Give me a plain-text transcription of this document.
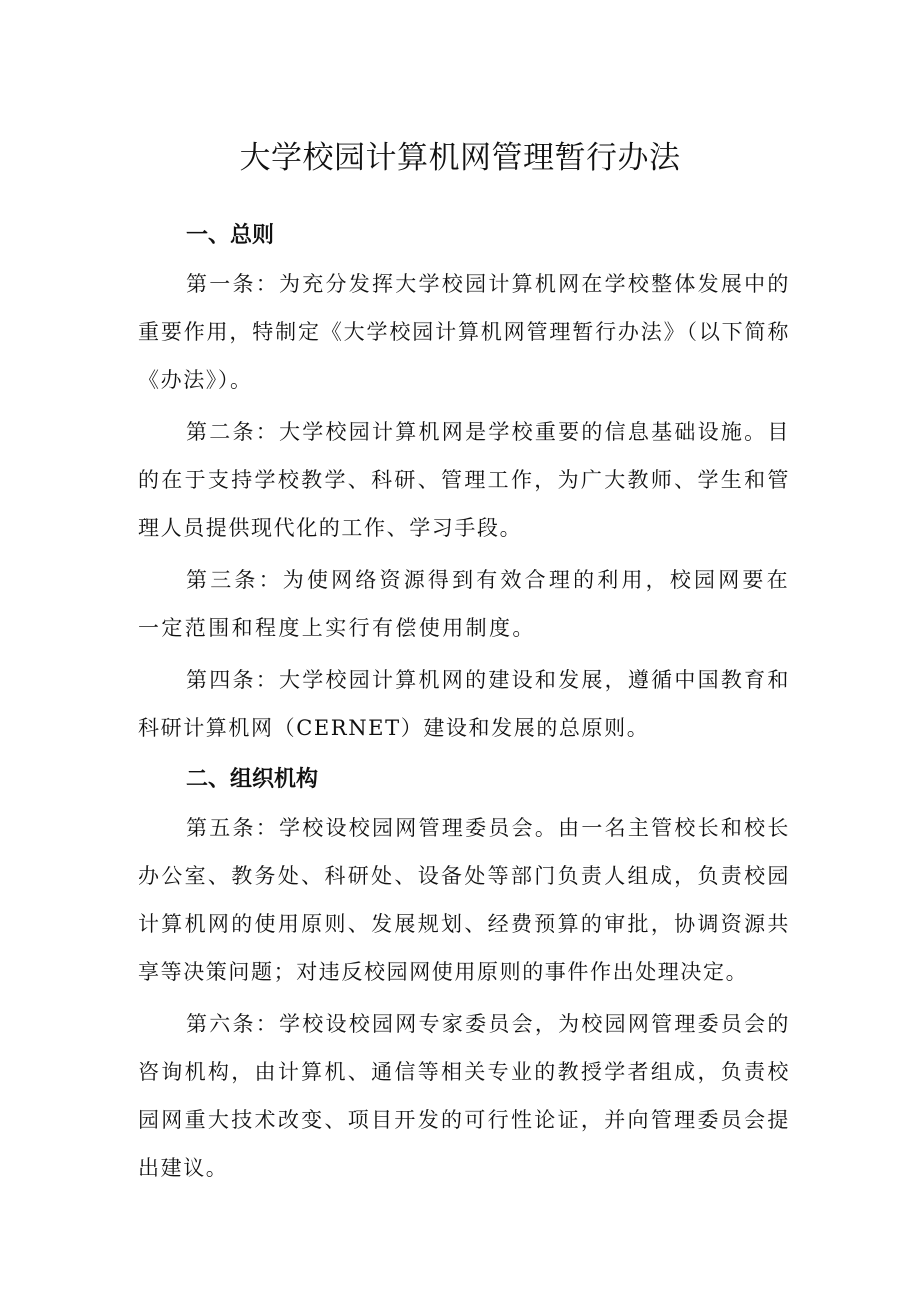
大学校园计算机网管理暂行办法
一、总则

第一条：为充分发挥大学校园计算机网在学校整体发展中的重要作用，特制定《大学校园计算机网管理暂行办法》（以下简称《办法》）。

第二条：大学校园计算机网是学校重要的信息基础设施。目的在于支持学校教学、科研、管理工作，为广大教师、学生和管理人员提供现代化的工作、学习手段。

第三条：为使网络资源得到有效合理的利用，校园网要在一定范围和程度上实行有偿使用制度。

第四条：大学校园计算机网的建设和发展，遵循中国教育和科研计算机网（CERNET）建设和发展的总原则。

二、组织机构

第五条：学校设校园网管理委员会。由一名主管校长和校长办公室、教务处、科研处、设备处等部门负责人组成，负责校园计算机网的使用原则、发展规划、经费预算的审批，协调资源共享等决策问题；对违反校园网使用原则的事件作出处理决定。

第六条：学校设校园网专家委员会，为校园网管理委员会的咨询机构，由计算机、通信等相关专业的教授学者组成，负责校园网重大技术改变、项目开发的可行性论证，并向管理委员会提出建议。
